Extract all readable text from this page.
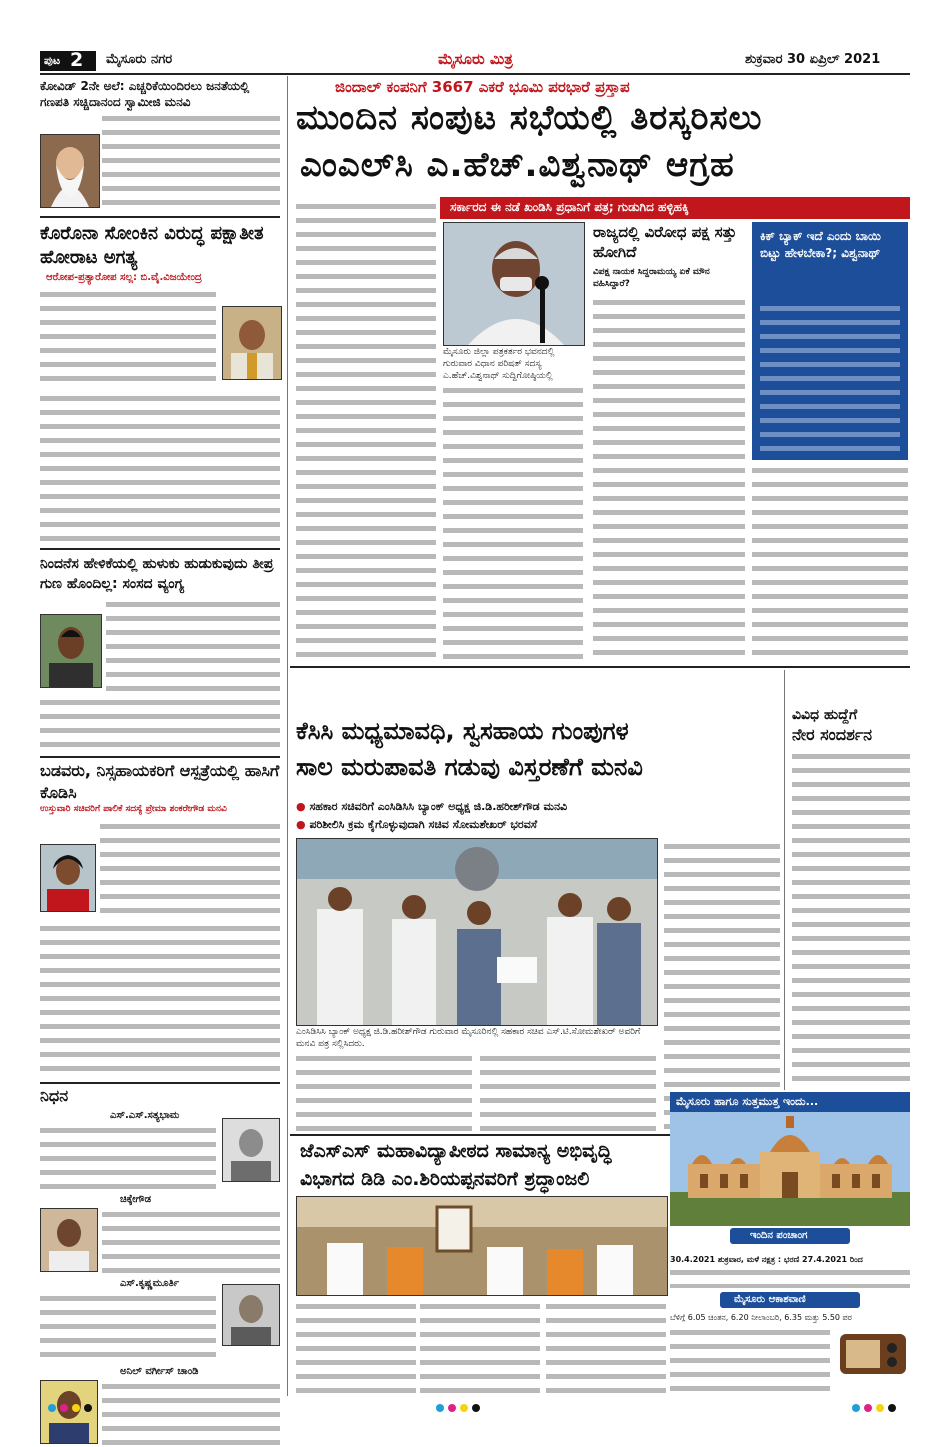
ಪುಟ 2 ಮೈಸೂರು ನಗರ	ಮೈಸೂರು ಮಿತ್ರ	ಶುಕ್ರವಾರ 30 ಏಪ್ರಿಲ್ 2021
ಕೋವಿಡ್ 2ನೇ ಅಲೆ: ಎಚ್ಚರಿಕೆಯಿಂದಿರಲು ಜನತೆಯಲ್ಲಿ ಗಣಪತಿ ಸಚ್ಚಿದಾನಂದ ಸ್ವಾಮೀಜಿ ಮನವಿ
ಕೊರೊನಾ ಸೋಂಕಿನ ವಿರುದ್ಧ ಪಕ್ಷಾತೀತ ಹೋರಾಟ ಅಗತ್ಯ
ಆರೋಪ-ಪ್ರತ್ಯಾರೋಪ ಸಲ್ಲ: ಬಿ.ವೈ.ವಿಜಯೇಂದ್ರ
ನಿಂದನೆಸ ಹೇಳಿಕೆಯಲ್ಲಿ ಹುಳುಕು ಹುಡುಕುವುದು ತೀಪ್ರ ಗುಣ ಹೊಂದಿಲ್ಲ: ಸಂಸದ ವ್ಯಂಗ್ಯ
ಬಡವರು, ನಿಸ್ಸಹಾಯಕರಿಗೆ ಆಸ್ಪತ್ರೆಯಲ್ಲಿ ಹಾಸಿಗೆ ಕೊಡಿಸಿ
ಉಸ್ತುವಾರಿ ಸಚಿವರಿಗೆ ಪಾಲಿಕೆ ಸದಸ್ಯೆ ಪ್ರೇಮಾ ಶಂಕರೇಗೌಡ ಮನವಿ
ನಿಧನ
ಎಸ್.ಎಸ್.ಸತ್ಯಭಾಮ
ಚಿಕ್ಕೇಗೌಡ
ಎಸ್.ಕೃಷ್ಣಮೂರ್ತಿ
ಅನಿಲ್ ವರ್ಗೀಸ್ ಚಾಂಡಿ
ಜಿಂದಾಲ್ ಕಂಪನಿಗೆ 3667 ಎಕರೆ ಭೂಮಿ ಪರಭಾರೆ ಪ್ರಸ್ತಾಪ
ಮುಂದಿನ ಸಂಪುಟ ಸಭೆಯಲ್ಲಿ ತಿರಸ್ಕರಿಸಲು
ಎಂಎಲ್‌ಸಿ ಎ.ಹೆಚ್.ವಿಶ್ವನಾಥ್ ಆಗ್ರಹ
ಸರ್ಕಾರದ ಈ ನಡೆ ಖಂಡಿಸಿ ಪ್ರಧಾನಿಗೆ ಪತ್ರ; ಗುಡುಗಿದ ಹಳ್ಳಿಹಕ್ಕಿ
ಮೈಸೂರು ಜಿಲ್ಲಾ ಪತ್ರಕರ್ತರ ಭವನದಲ್ಲಿ ಗುರುವಾರ ವಿಧಾನ ಪರಿಷತ್ ಸದಸ್ಯ ಎ.ಹೆಚ್.ವಿಶ್ವನಾಥ್ ಸುದ್ದಿಗೋಷ್ಠಿಯಲ್ಲಿ
ರಾಜ್ಯದಲ್ಲಿ ವಿರೋಧ ಪಕ್ಷ ಸತ್ತು ಹೋಗಿದೆ
ವಿಪಕ್ಷ ನಾಯಕ ಸಿದ್ದರಾಮಯ್ಯ ಏಕೆ ಮೌನ ವಹಿಸಿದ್ದಾರೆ?
ಕಿಕ್ ಬ್ಯಾಕ್ ಇದೆ ಎಂದು ಬಾಯಿ ಬಿಟ್ಟು ಹೇಳಬೇಕಾ?; ವಿಶ್ವನಾಥ್
ಕೆಸಿಸಿ ಮಧ್ಯಮಾವಧಿ, ಸ್ವಸಹಾಯ ಗುಂಪುಗಳ
ಸಾಲ ಮರುಪಾವತಿ ಗಡುವು ವಿಸ್ತರಣೆಗೆ ಮನವಿ
● ಸಹಕಾರ ಸಚಿವರಿಗೆ ಎಂಸಿಡಿಸಿಸಿ ಬ್ಯಾಂಕ್ ಅಧ್ಯಕ್ಷ ಜಿ.ಡಿ.ಹರೀಶ್‌ಗೌಡ ಮನವಿ
● ಪರಿಶೀಲಿಸಿ ಕ್ರಮ ಕೈಗೊಳ್ಳುವುದಾಗಿ ಸಚಿವ ಸೋಮಶೇಖರ್ ಭರವಸೆ
ಎಂಸಿಡಿಸಿಸಿ ಬ್ಯಾಂಕ್ ಅಧ್ಯಕ್ಷ ಜಿ.ಡಿ.ಹರೀಶ್‌ಗೌಡ ಗುರುವಾರ ಮೈಸೂರಿನಲ್ಲಿ ಸಹಕಾರ ಸಚಿವ ಎಸ್.ಟಿ.ಸೋಮಶೇಖರ್ ಅವರಿಗೆ ಮನವಿ ಪತ್ರ ಸಲ್ಲಿಸಿದರು.
ಜೆಎಸ್‌ಎಸ್ ಮಹಾವಿದ್ಯಾಪೀಠದ ಸಾಮಾನ್ಯ ಅಭಿವೃದ್ಧಿ
ವಿಭಾಗದ ಡಿಡಿ ಎಂ.ಶಿರಿಯಪ್ಪನವರಿಗೆ ಶ್ರದ್ಧಾಂಜಲಿ
ವಿವಿಧ ಹುದ್ದೆಗೆ
ನೇರ ಸಂದರ್ಶನ
ಮೈಸೂರು ಹಾಗೂ ಸುತ್ತಮುತ್ತ ಇಂದು...
ಇಂದಿನ ಪಂಚಾಂಗ
30.4.2021 ಶುಕ್ರವಾರ, ಮಳೆ ನಕ್ಷತ್ರ : ಭರಣಿ 27.4.2021 ರಿಂದ
ಮೈಸೂರು ಆಕಾಶವಾಣಿ
ಬೆಳಿಗ್ಗೆ 6.05 ಚಿಂತನ, 6.20 ನೀಲಾಂಬರಿ, 6.35 ಮತ್ತು 5.50 ಪರ
